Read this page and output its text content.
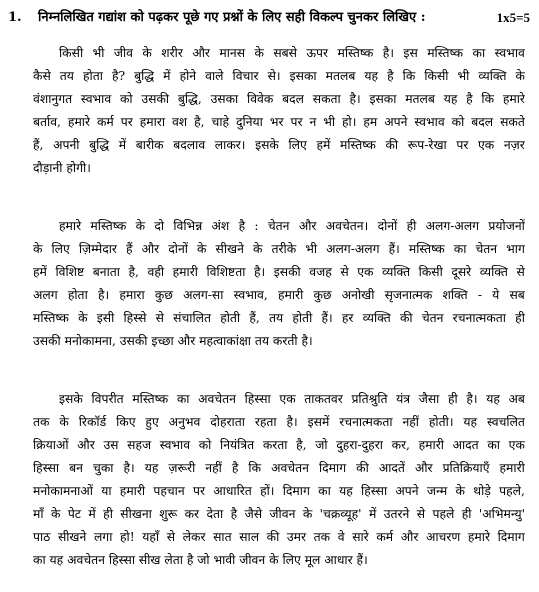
1. निम्नलिखित गद्यांश को पढ़कर पूछे गए प्रश्नों के लिए सही विकल्प चुनकर लिखिए :	1x5=5
किसी भी जीव के शरीर और मानस के सबसे ऊपर मस्तिष्क है। इस मस्तिष्क का स्वभाव
कैसे तय होता है? बुद्धि में होने वाले विचार से। इसका मतलब यह है कि किसी भी व्यक्ति के
वंशानुगत स्वभाव को उसकी बुद्धि, उसका विवेक बदल सकता है। इसका मतलब यह है कि हमारे
बर्ताव, हमारे कर्म पर हमारा वश है, चाहे दुनिया भर पर न भी हो। हम अपने स्वभाव को बदल सकते
हैं, अपनी बुद्धि में बारीक बदलाव लाकर। इसके लिए हमें मस्तिष्क की रूप-रेखा पर एक नज़र
दौड़ानी होगी।
हमारे मस्तिष्क के दो विभिन्न अंश है : चेतन और अवचेतन। दोनों ही अलग-अलग प्रयोजनों
के लिए ज़िम्मेदार हैं और दोनों के सीखने के तरीके भी अलग-अलग हैं। मस्तिष्क का चेतन भाग
हमें विशिष्ट बनाता है, वही हमारी विशिष्टता है। इसकी वजह से एक व्यक्ति किसी दूसरे व्यक्ति से
अलग होता है। हमारा कुछ अलग-सा स्वभाव, हमारी कुछ अनोखी सृजनात्मक शक्ति - ये सब
मस्तिष्क के इसी हिस्से से संचालित होती हैं, तय होती हैं। हर व्यक्ति की चेतन रचनात्मकता ही
उसकी मनोकामना, उसकी इच्छा और महत्वाकांक्षा तय करती है।
इसके विपरीत मस्तिष्क का अवचेतन हिस्सा एक ताकतवर प्रतिश्रुति यंत्र जैसा ही है। यह अब
तक के रिकॉर्ड किए हुए अनुभव दोहराता रहता है। इसमें रचनात्मकता नहीं होती। यह स्वचलित
क्रियाओं और उस सहज स्वभाव को नियंत्रित करता है, जो दुहरा-दुहरा कर, हमारी आदत का एक
हिस्सा बन चुका है। यह ज़रूरी नहीं है कि अवचेतन दिमाग की आदतें और प्रतिक्रियाएँ हमारी
मनोकामनाओं या हमारी पहचान पर आधारित हों। दिमाग का यह हिस्सा अपने जन्म के थोड़े पहले,
माँ के पेट में ही सीखना शुरू कर देता है जैसे जीवन के 'चक्रव्यूह' में उतरने से पहले ही 'अभिमन्यु'
पाठ सीखने लगा हो! यहाँ से लेकर सात साल की उमर तक वे सारे कर्म और आचरण हमारे दिमाग
का यह अवचेतन हिस्सा सीख लेता है जो भावी जीवन के लिए मूल आधार हैं।
